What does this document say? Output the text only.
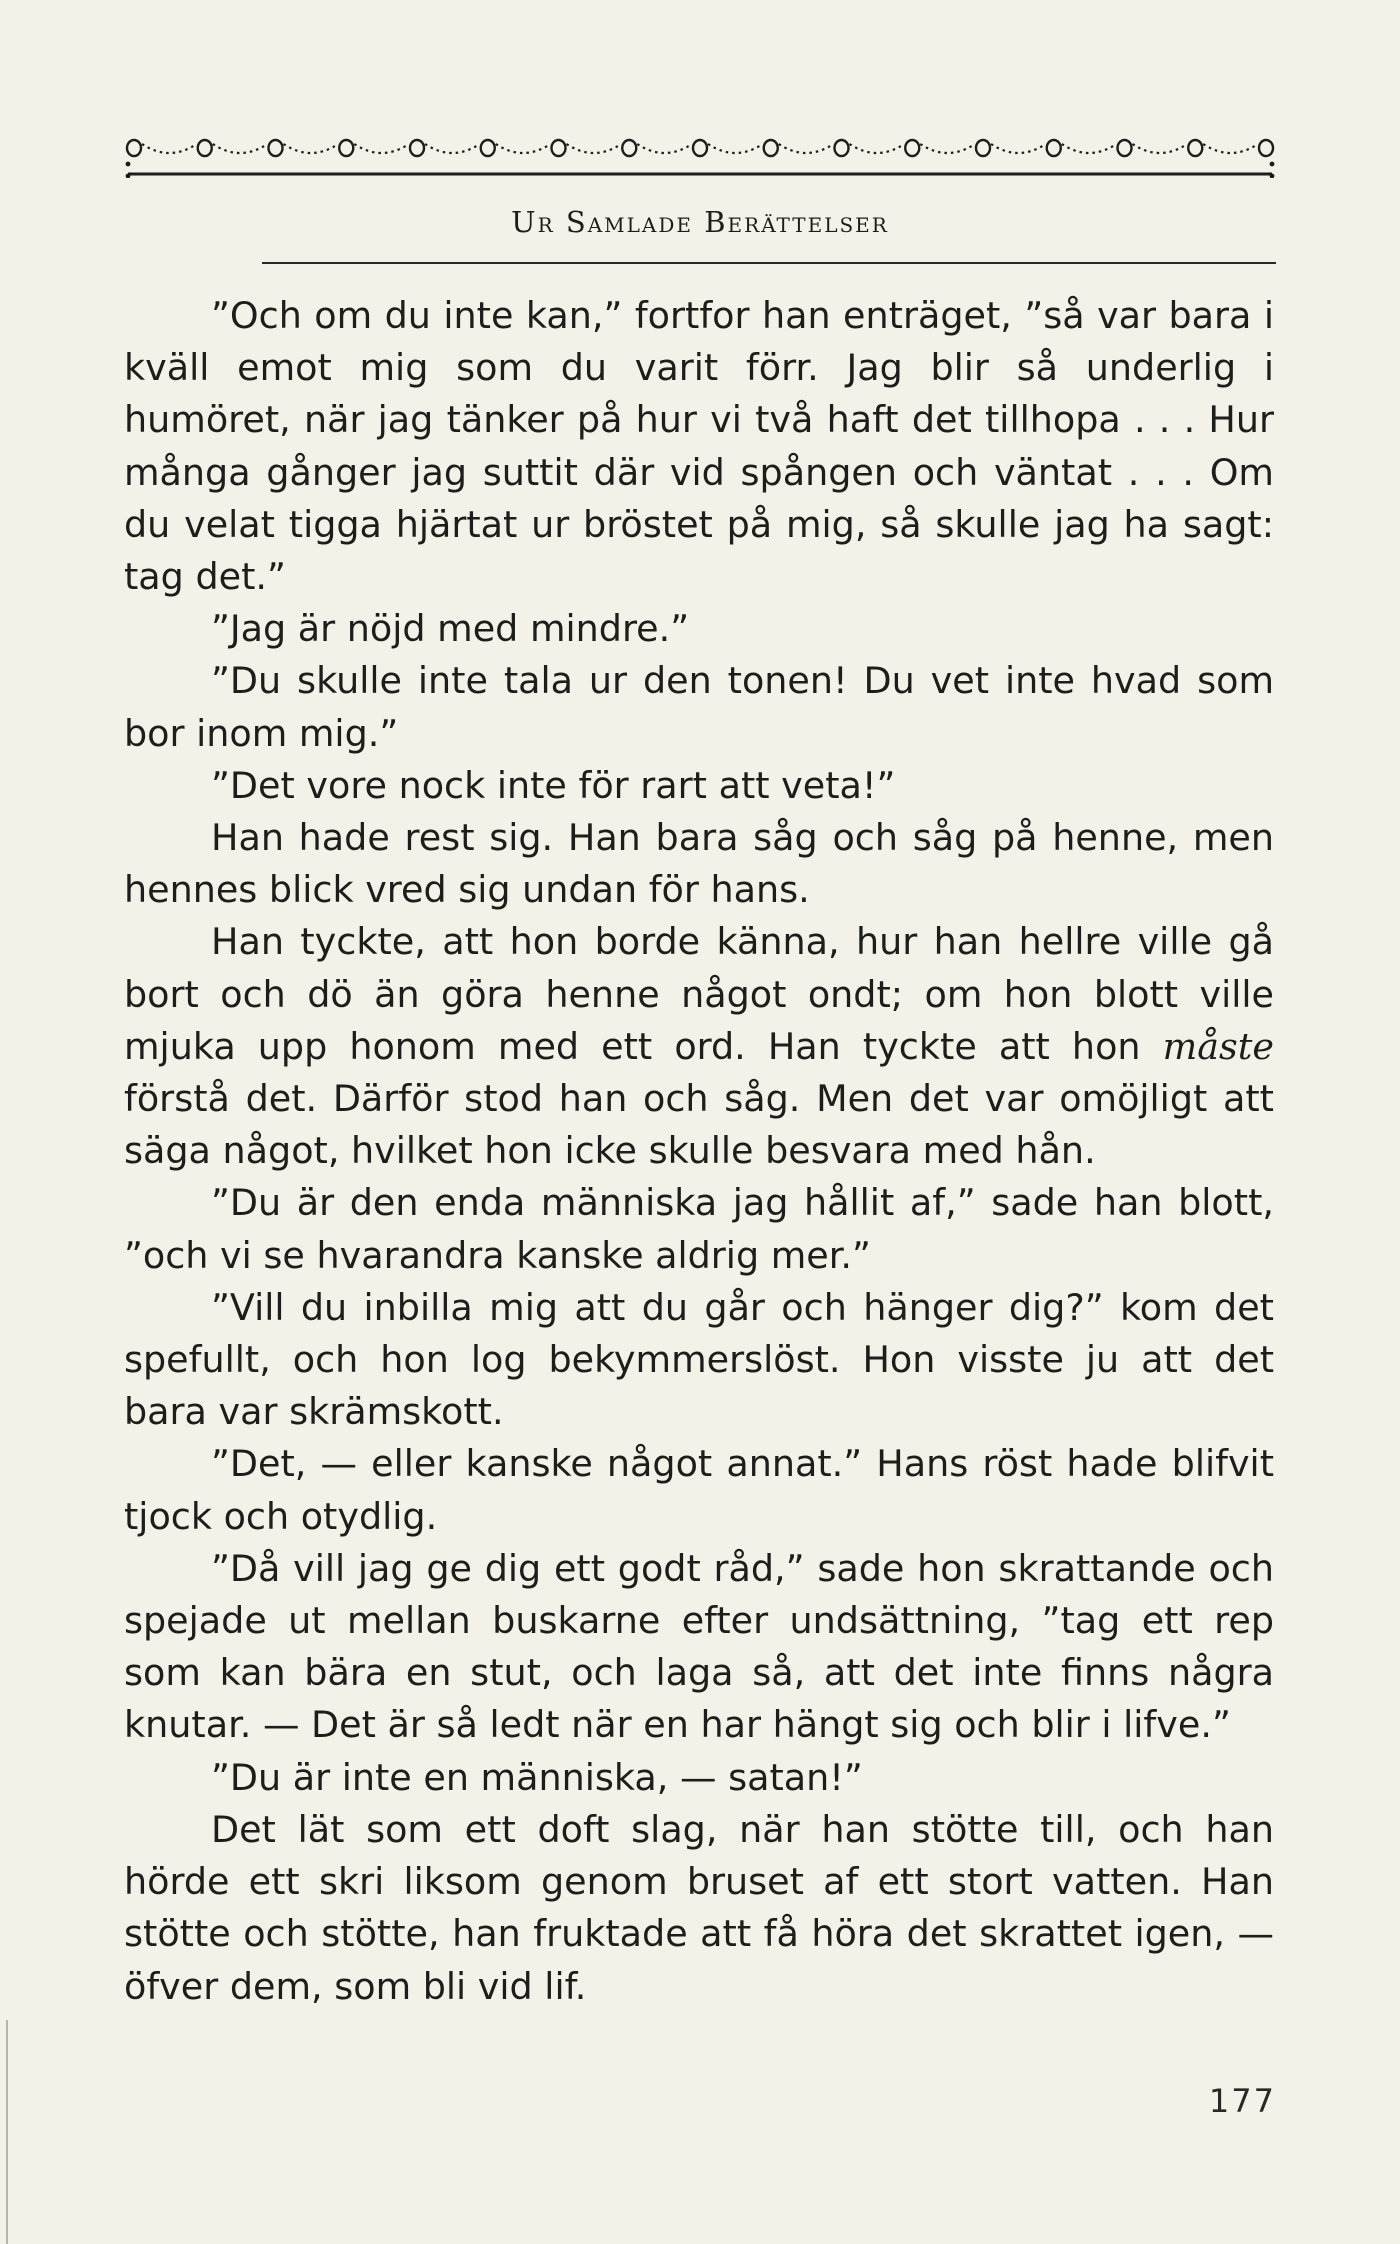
Ur Samlade Berättelser

”Och om du inte kan,” fortfor han enträget, ”så var bara i kväll emot mig som du varit förr. Jag blir så underlig i humöret, när jag tänker på hur vi två haft det tillhopa . . . Hur många gånger jag suttit där vid spången och väntat . . . Om du velat tigga hjärtat ur bröstet på mig, så skulle jag ha sagt: tag det.”

”Jag är nöjd med mindre.”

”Du skulle inte tala ur den tonen! Du vet inte hvad som bor inom mig.”

”Det vore nock inte för rart att veta!”

Han hade rest sig. Han bara såg och såg på henne, men hennes blick vred sig undan för hans.

Han tyckte, att hon borde känna, hur han hellre ville gå bort och dö än göra henne något ondt; om hon blott ville mjuka upp honom med ett ord. Han tyckte att hon måste förstå det. Därför stod han och såg. Men det var omöjligt att säga något, hvilket hon icke skulle besvara med hån.

”Du är den enda människa jag hållit af,” sade han blott, ”och vi se hvarandra kanske aldrig mer.”

”Vill du inbilla mig att du går och hänger dig?” kom det spefullt, och hon log bekymmerslöst. Hon visste ju att det bara var skrämskott.

”Det, — eller kanske något annat.” Hans röst hade blifvit tjock och otydlig.

”Då vill jag ge dig ett godt råd,” sade hon skrattande och spejade ut mellan buskarne efter undsättning, ”tag ett rep som kan bära en stut, och laga så, att det inte finns några knutar. — Det är så ledt när en har hängt sig och blir i lifve.”

”Du är inte en människa, — satan!”

Det lät som ett doft slag, när han stötte till, och han hörde ett skri liksom genom bruset af ett stort vatten. Han stötte och stötte, han fruktade att få höra det skrattet igen, — öfver dem, som bli vid lif.

177
